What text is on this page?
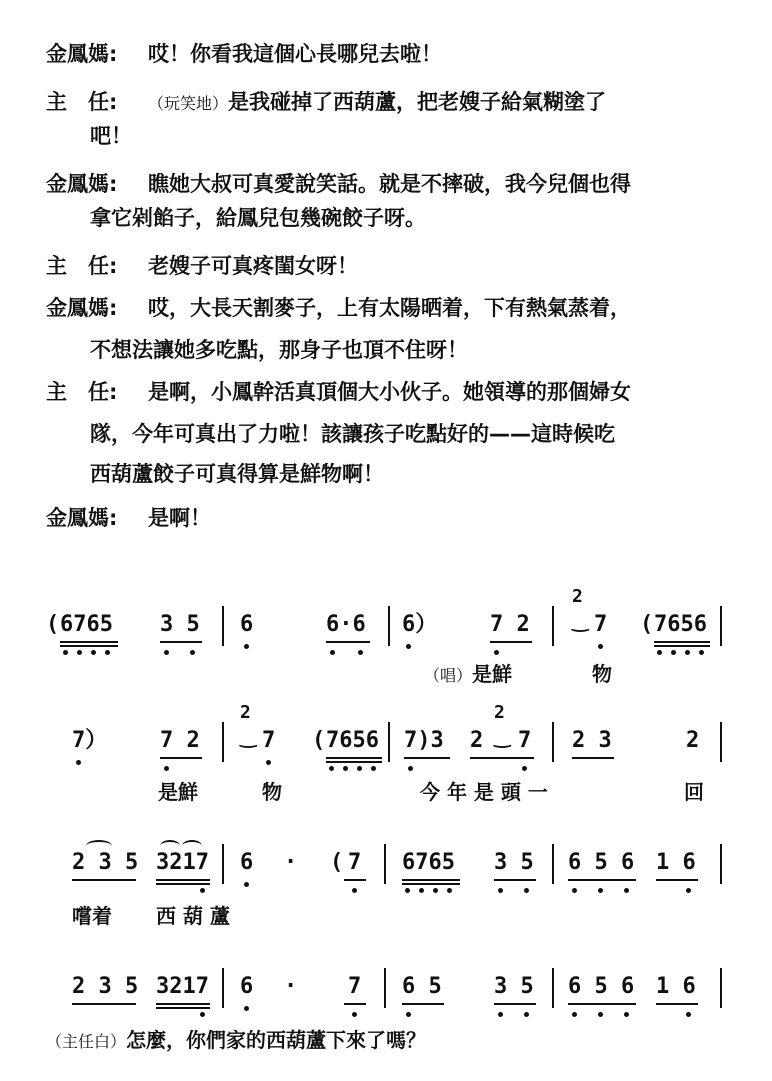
金鳳媽: 哎！你看我這個心長哪兒去啦！
主　任: （玩笑地）是我碰掉了西葫蘆，把老嫂子給氣糊塗了
吧！
金鳳媽: 瞧她大叔可真愛說笑話。就是不摔破，我今兒個也得
拿它剁餡子，給鳳兒包幾碗餃子呀。
主　任: 老嫂子可真疼閨女呀！
金鳳媽: 哎，大長天割麥子，上有太陽晒着，下有熱氣蒸着，
不想法讓她多吃點，那身子也頂不住呀！
主　任: 是啊，小鳳幹活真頂個大小伙子。她領導的那個婦女
隊，今年可真出了力啦！該讓孩子吃點好的——這時候吃
西葫蘆餃子可真得算是鮮物啊！
金鳳媽: 是啊！
( 6765 3 5 6	6·6 6） 7 2
2
‿ 7 ( 7656
（唱）是鮮	物
7） 7 2
2
‿ 7 ( 7656 7)3 2
2
‿ 7 2 3	2
是鮮	物	今 年 是 頭 一	回
2 3 5 3217 6 · ( 7 6765 3 5 6 5 6 1 6
嚐着 西 葫 蘆
2 3 5 3217 6 · 7 6 5 3 5 6 5 6 1 6
（主任白）怎麼，你們家的西葫蘆下來了嗎？
